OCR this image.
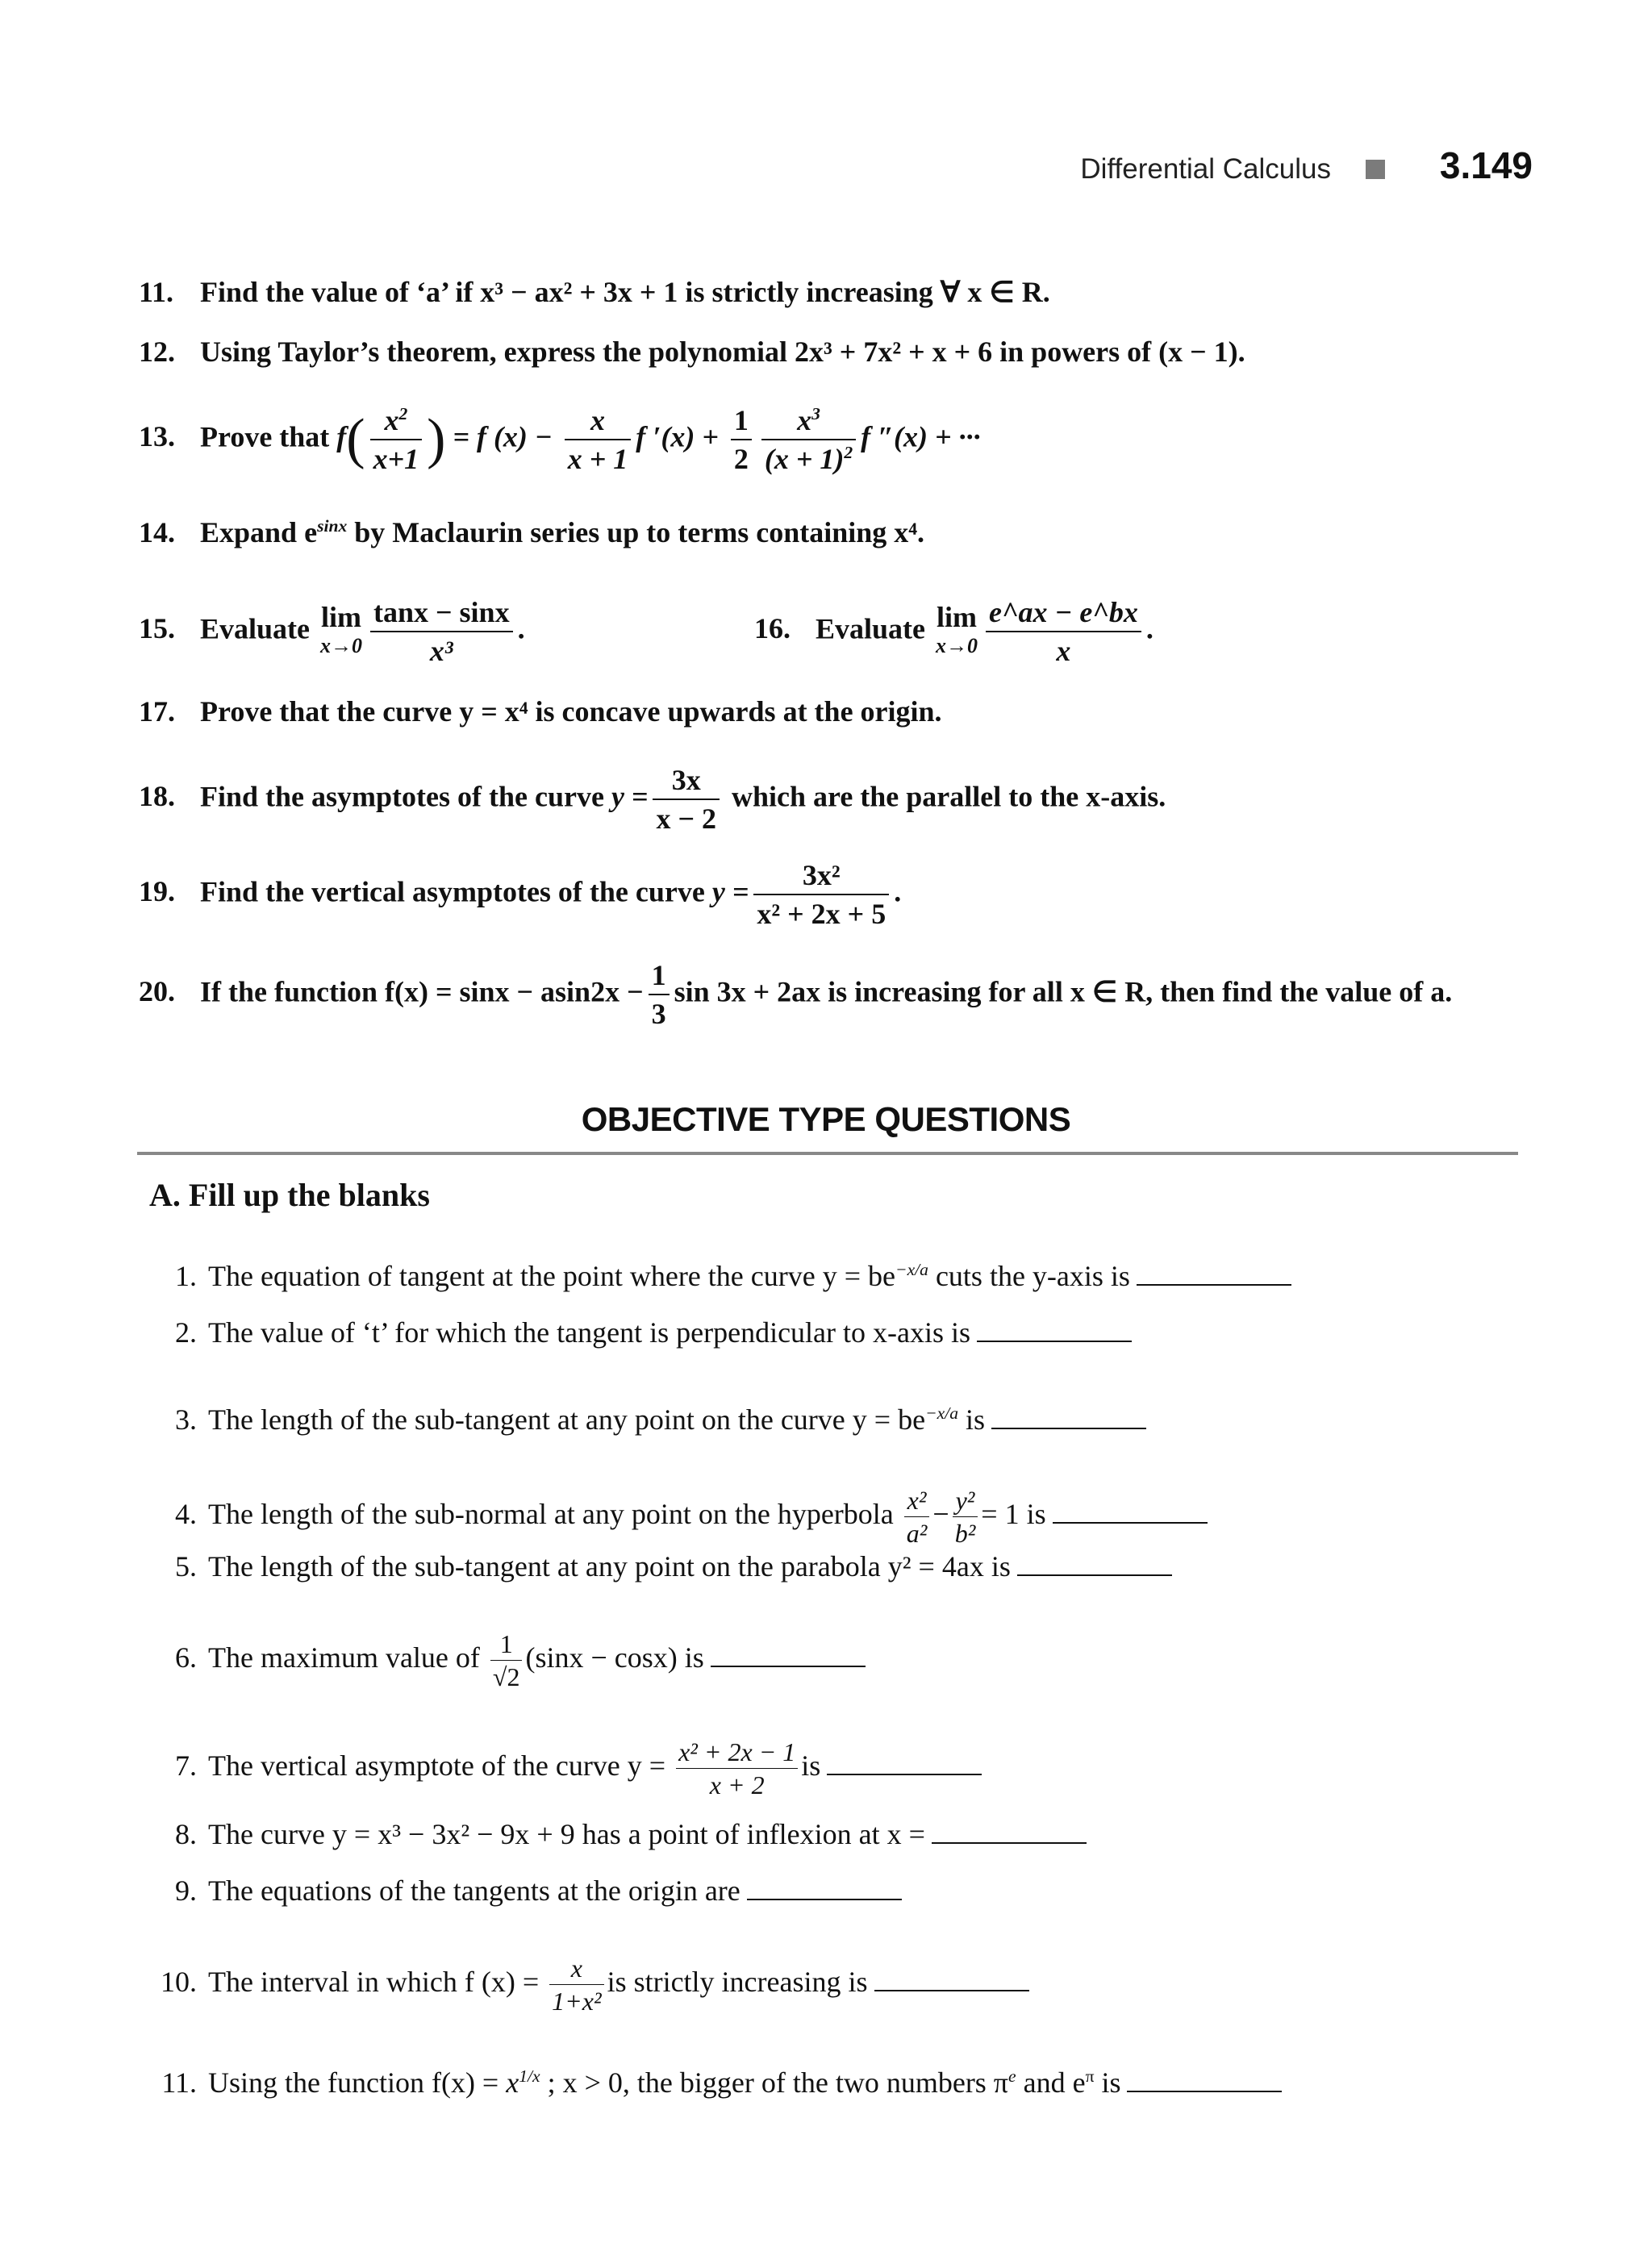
Differential Calculus	3.149
11. Find the value of ‘a’ if x³ − ax² + 3x + 1 is strictly increasing ∀ x ∈ R.
12. Using Taylor’s theorem, express the polynomial 2x³ + 7x² + x + 6 in powers of (x − 1).
13. Prove that $f( \frac{x^2}{x+1}$ ) = f $(x) - \frac{x}{x + 1}$ f $'(x) + \frac{1}{2} \frac{x^3}{(x + 1)^2}$ f ″(x) + ···
14. Expand $e^{sinx}$ by Maclaurin series up to terms containing x⁴.
15. Evaluate lim
$x\to 0 \frac{\tan x - \sin x}{\text{x³}}$ .	16. Evaluate lim
$x\to 0 \frac{e\^{}ax - e\^{}bx}{x}$ .
17. Prove that the curve y = x⁴ is concave upwards at the origin.
18. Find the asymptotes of the curve $y = \frac{3x}{x - 2}$ which are the parallel to the x-axis.
19. Find the vertical asymptotes of the curve $y = \frac{\text{3x²}}{\text{x² + 2x + 5}}$ .
20. If the function $f(x) = \sin x - asin2x - \frac{1}{3}$ sin 3x + 2ax is increasing for all x ∈ R, then find the value of a.
OBJECTIVE TYPE QUESTIONS
A. Fill up the blanks
1. The equation of tangent at the point where the curve $y = be^{-x/a}$ cuts the y-axis is
2. The value of ‘t’ for which the tangent is perpendicular to x-axis is
3. The length of the sub-tangent at any point on the curve $y = be^{-x/a}$ is
4. The length of the sub-normal at any point on the hyperbola $\frac{\text{x²}}{\text{a²}} - \frac{\text{y²}}{\text{b²}} = 1$ is
5. The length of the sub-tangent at any point on the parabola y² = 4ax is
6. The maximum value of $\frac{1}{√2} (\sin x - \cos x)$ is
7. The vertical asymptote of the curve $y = \frac{\text{x² + 2x − 1}}{x + 2}$ is
8. The curve y = x³ − 3x² − 9x + 9 has a point of inflexion at x =
9. The equations of the tangents at the origin are
10. The interval in which f $(x) = \frac{x}{\text{1+x²}}$ is strictly increasing is
11. Using the function $f(x) = x^{1/x}$ ; x > 0, the bigger of the two numbers $\pi^e$ and $e^\pi$ is
